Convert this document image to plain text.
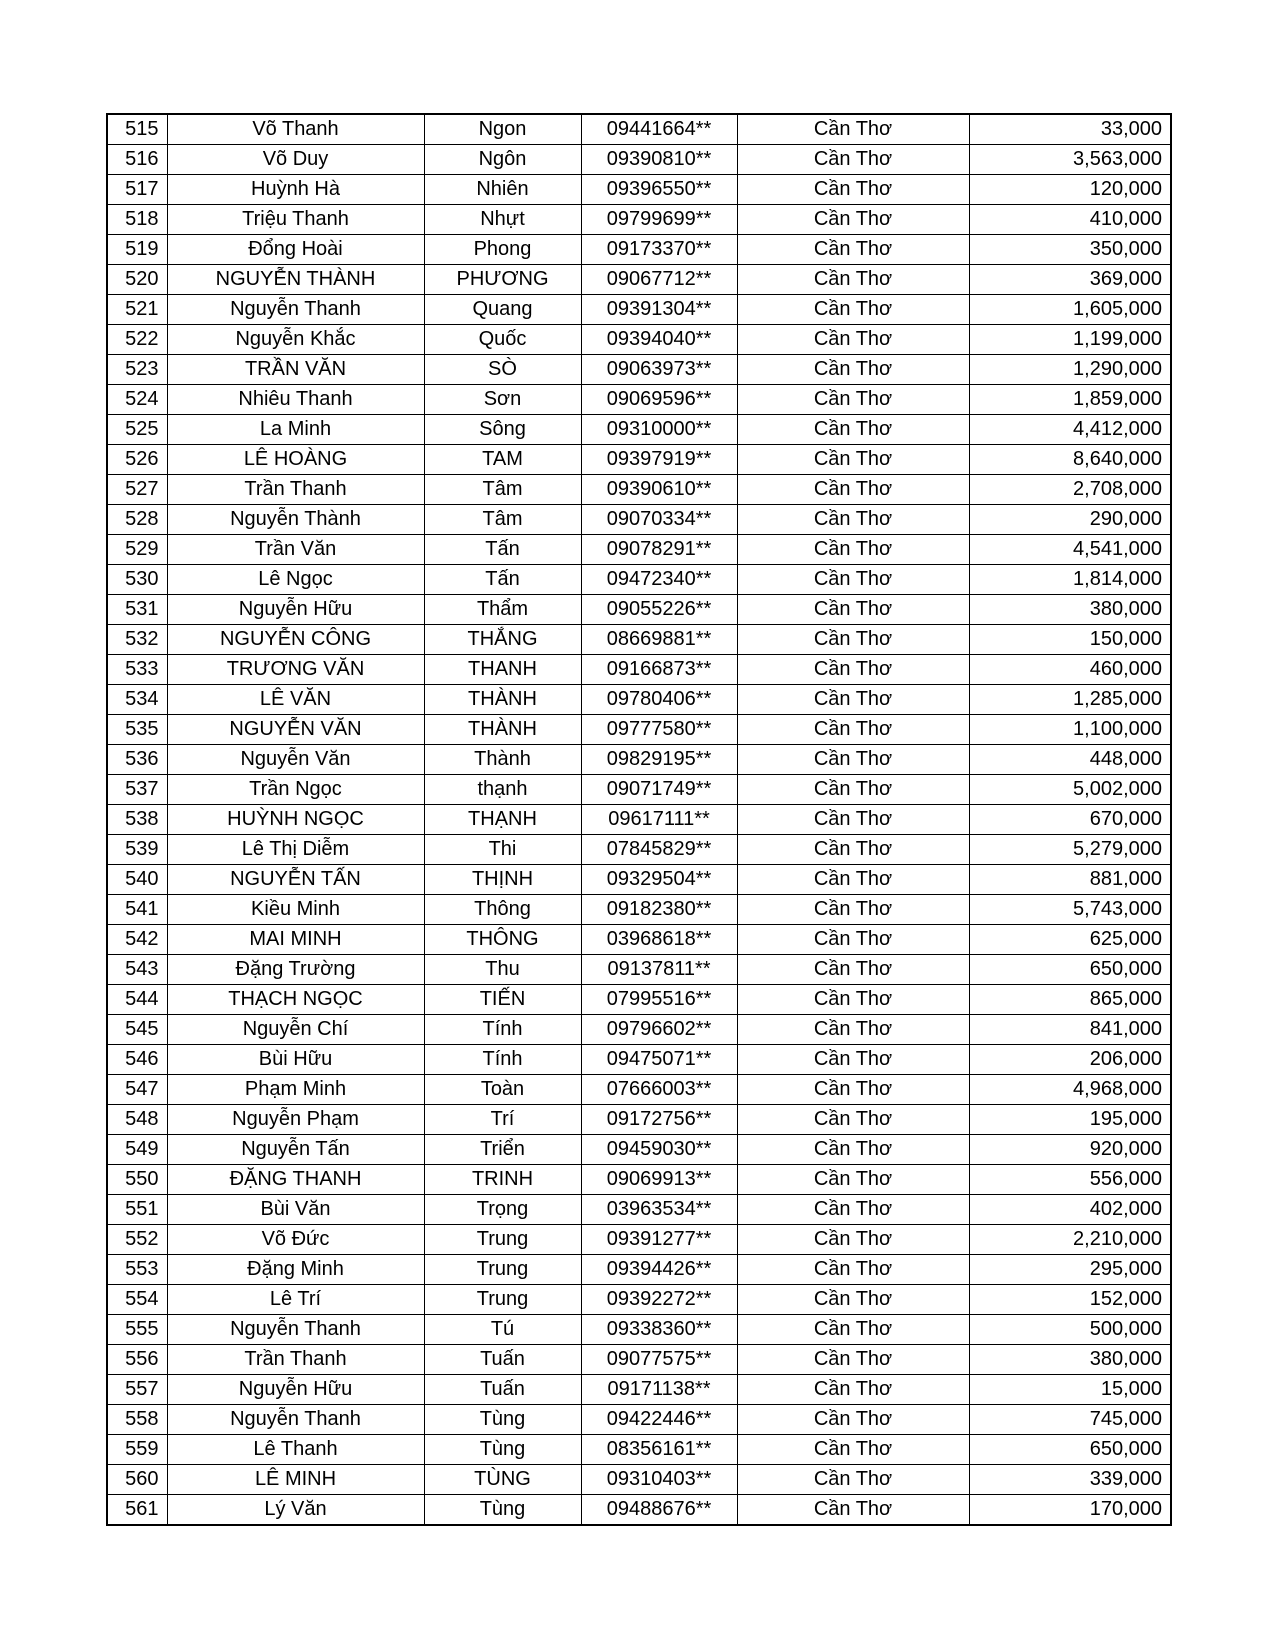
515	Võ Thanh	Ngon	09441664**	Cần Thơ	33,000
516	Võ Duy	Ngôn	09390810**	Cần Thơ	3,563,000
517	Huỳnh Hà	Nhiên	09396550**	Cần Thơ	120,000
518	Triệu Thanh	Nhựt	09799699**	Cần Thơ	410,000
519	Đổng Hoài	Phong	09173370**	Cần Thơ	350,000
520	NGUYỄN THÀNH	PHƯƠNG	09067712**	Cần Thơ	369,000
521	Nguyễn Thanh	Quang	09391304**	Cần Thơ	1,605,000
522	Nguyễn Khắc	Quốc	09394040**	Cần Thơ	1,199,000
523	TRẦN VĂN	SÒ	09063973**	Cần Thơ	1,290,000
524	Nhiêu Thanh	Sơn	09069596**	Cần Thơ	1,859,000
525	La Minh	Sông	09310000**	Cần Thơ	4,412,000
526	LÊ HOÀNG	TAM	09397919**	Cần Thơ	8,640,000
527	Trần Thanh	Tâm	09390610**	Cần Thơ	2,708,000
528	Nguyễn Thành	Tâm	09070334**	Cần Thơ	290,000
529	Trần Văn	Tấn	09078291**	Cần Thơ	4,541,000
530	Lê Ngọc	Tấn	09472340**	Cần Thơ	1,814,000
531	Nguyễn Hữu	Thẩm	09055226**	Cần Thơ	380,000
532	NGUYỄN CÔNG	THẮNG	08669881**	Cần Thơ	150,000
533	TRƯƠNG VĂN	THANH	09166873**	Cần Thơ	460,000
534	LÊ VĂN	THÀNH	09780406**	Cần Thơ	1,285,000
535	NGUYỄN VĂN	THÀNH	09777580**	Cần Thơ	1,100,000
536	Nguyễn Văn	Thành	09829195**	Cần Thơ	448,000
537	Trần Ngọc	thạnh	09071749**	Cần Thơ	5,002,000
538	HUỲNH NGỌC	THẠNH	09617111**	Cần Thơ	670,000
539	Lê Thị Diễm	Thi	07845829**	Cần Thơ	5,279,000
540	NGUYỄN TẤN	THỊNH	09329504**	Cần Thơ	881,000
541	Kiều Minh	Thông	09182380**	Cần Thơ	5,743,000
542	MAI MINH	THÔNG	03968618**	Cần Thơ	625,000
543	Đặng Trường	Thu	09137811**	Cần Thơ	650,000
544	THẠCH NGỌC	TIẾN	07995516**	Cần Thơ	865,000
545	Nguyễn Chí	Tính	09796602**	Cần Thơ	841,000
546	Bùi Hữu	Tính	09475071**	Cần Thơ	206,000
547	Phạm Minh	Toàn	07666003**	Cần Thơ	4,968,000
548	Nguyễn Phạm	Trí	09172756**	Cần Thơ	195,000
549	Nguyễn Tấn	Triển	09459030**	Cần Thơ	920,000
550	ĐẶNG THANH	TRINH	09069913**	Cần Thơ	556,000
551	Bùi Văn	Trọng	03963534**	Cần Thơ	402,000
552	Võ Đức	Trung	09391277**	Cần Thơ	2,210,000
553	Đặng Minh	Trung	09394426**	Cần Thơ	295,000
554	Lê Trí	Trung	09392272**	Cần Thơ	152,000
555	Nguyễn Thanh	Tú	09338360**	Cần Thơ	500,000
556	Trần Thanh	Tuấn	09077575**	Cần Thơ	380,000
557	Nguyễn Hữu	Tuấn	09171138**	Cần Thơ	15,000
558	Nguyễn Thanh	Tùng	09422446**	Cần Thơ	745,000
559	Lê Thanh	Tùng	08356161**	Cần Thơ	650,000
560	LÊ MINH	TÙNG	09310403**	Cần Thơ	339,000
561	Lý Văn	Tùng	09488676**	Cần Thơ	170,000
